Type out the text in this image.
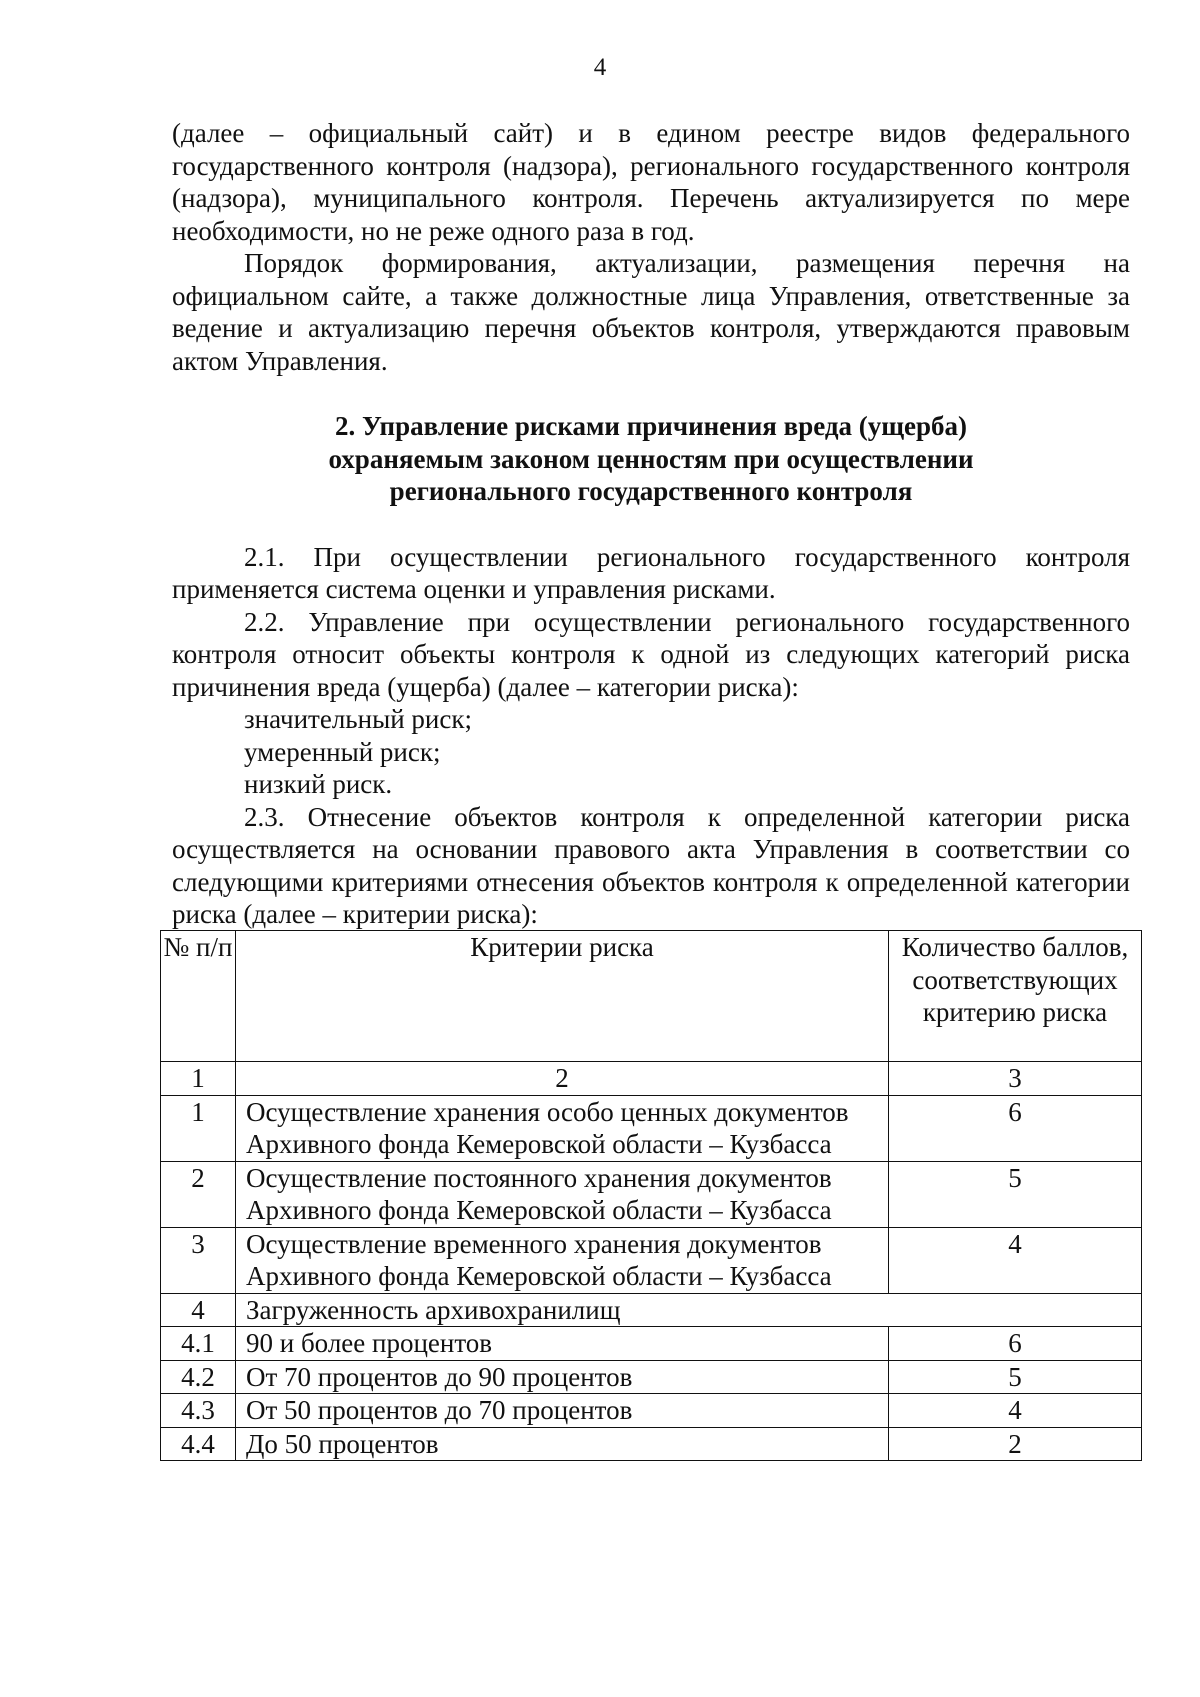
4

(далее – официальный сайт) и в едином реестре видов федерального государственного контроля (надзора), регионального государственного контроля (надзора), муниципального контроля. Перечень актуализируется по мере необходимости, но не реже одного раза в год.

Порядок формирования, актуализации, размещения перечня на официальном сайте, а также должностные лица Управления, ответственные за ведение и актуализацию перечня объектов контроля, утверждаются правовым актом Управления.

2. Управление рисками причинения вреда (ущерба)

охраняемым законом ценностям при осуществлении

регионального государственного контроля

2.1. При осуществлении регионального государственного контроля применяется система оценки и управления рисками.

2.2. Управление при осуществлении регионального государственного контроля относит объекты контроля к одной из следующих категорий риска причинения вреда (ущерба) (далее – категории риска):

значительный риск;

умеренный риск;

низкий риск.

2.3. Отнесение объектов контроля к определенной категории риска осуществляется на основании правового акта Управления в соответствии со следующими критериями отнесения объектов контроля к определенной категории риска (далее – критерии риска):

№ п/п	Критерии риска	Количество баллов, соответствующих критерию риска
1	2	3
1	Осуществление хранения особо ценных документов Архивного фонда Кемеровской области – Кузбасса	6
2	Осуществление постоянного хранения документов Архивного фонда Кемеровской области – Кузбасса	5
3	Осуществление временного хранения документов Архивного фонда Кемеровской области – Кузбасса	4
4	Загруженность архивохранилищ	
4.1	90 и более процентов	6
4.2	От 70 процентов до 90 процентов	5
4.3	От 50 процентов до 70 процентов	4
4.4	До 50 процентов	2
